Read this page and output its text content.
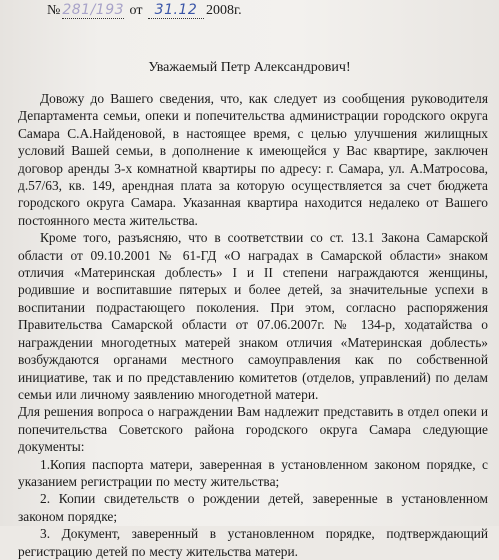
№ 281/193 от 31.12 2008г.
Уважаемый Петр Александрович!

Довожу до Вашего сведения, что, как следует из сообщения руководителя Департамента семьи, опеки и попечительства администрации городского округа Самара С.А.Найденовой, в настоящее время, с целью улучшения жилищных условий Вашей семьи, в дополнение к имеющейся у Вас квартире, заключен договор аренды 3-х комнатной квартиры по адресу: г. Самара, ул. А.Матросова, д.57/63, кв. 149, арендная плата за которую осуществляется за счет бюджета городского округа Самара. Указанная квартира находится недалеко от Вашего постоянного места жительства.

Кроме того, разъясняю, что в соответствии со ст. 13.1 Закона Самарской области от 09.10.2001 № 61-ГД «О наградах в Самарской области» знаком отличия «Материнская доблесть» I и II степени награждаются женщины, родившие и воспитавшие пятерых и более детей, за значительные успехи в воспитании подрастающего поколения. При этом, согласно распоряжения Правительства Самарской области от 07.06.2007г. № 134-р, ходатайства о награждении многодетных матерей знаком отличия «Материнская доблесть» возбуждаются органами местного самоуправления как по собственной инициативе, так и по представлению комитетов (отделов, управлений) по делам семьи или личному заявлению многодетной матери.

Для решения вопроса о награждении Вам надлежит представить в отдел опеки и попечительства Советского района городского округа Самара следующие документы:

1.Копия паспорта матери, заверенная в установленном законом порядке, с указанием регистрации по месту жительства;

2. Копии свидетельств о рождении детей, заверенные в установленном законом порядке;

3. Документ, заверенный в установленном порядке, подтверждающий регистрацию детей по месту жительства матери.
